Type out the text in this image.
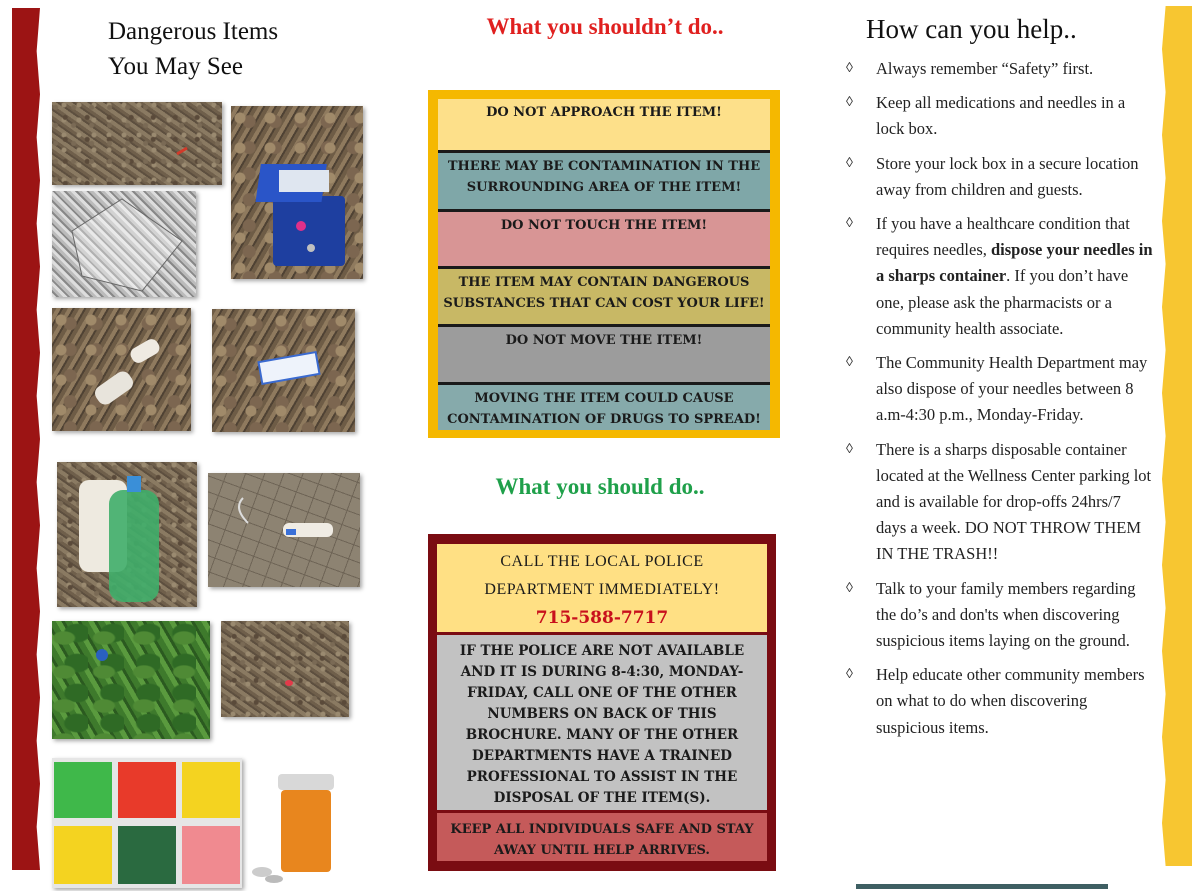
Dangerous Items
You May See
What you shouldn’t do..
DO NOT APPROACH THE ITEM!
THERE MAY BE CONTAMINATION IN THE SURROUNDING AREA OF THE ITEM!
DO NOT TOUCH THE ITEM!
THE ITEM MAY CONTAIN DANGEROUS SUBSTANCES THAT CAN COST YOUR LIFE!
DO NOT MOVE THE ITEM!
MOVING THE ITEM COULD CAUSE CONTAMINATION OF DRUGS TO SPREAD!
What you should do..
CALL THE LOCAL POLICE
DEPARTMENT IMMEDIATELY!
715-588-7717
IF THE POLICE ARE NOT AVAILABLE AND IT IS DURING 8-4:30, MONDAY-FRIDAY, CALL ONE OF THE OTHER NUMBERS ON BACK OF THIS BROCHURE. MANY OF THE OTHER DEPARTMENTS HAVE A TRAINED PROFESSIONAL TO ASSIST IN THE DISPOSAL OF THE ITEM(S).
KEEP ALL INDIVIDUALS SAFE AND STAY AWAY UNTIL HELP ARRIVES.
How can you help..
◊ Always remember “Safety” first.
◊ Keep all medications and needles in a lock box.
◊ Store your lock box in a secure location away from children and guests.
◊ If you have a healthcare condition that requires needles, dispose your needles in a sharps container. If you don’t have one, please ask the pharmacists or a community health associate.
◊ The Community Health Department may also dispose of your needles between 8 a.m-4:30 p.m., Monday-Friday.
◊ There is a sharps disposable container located at the Wellness Center parking lot and is available for drop-offs 24hrs/7 days a week. DO NOT THROW THEM IN THE TRASH!!
◊ Talk to your family members regarding the do’s and don'ts when discovering suspicious items laying on the ground.
◊ Help educate other community members on what to do when discovering suspicious items.
